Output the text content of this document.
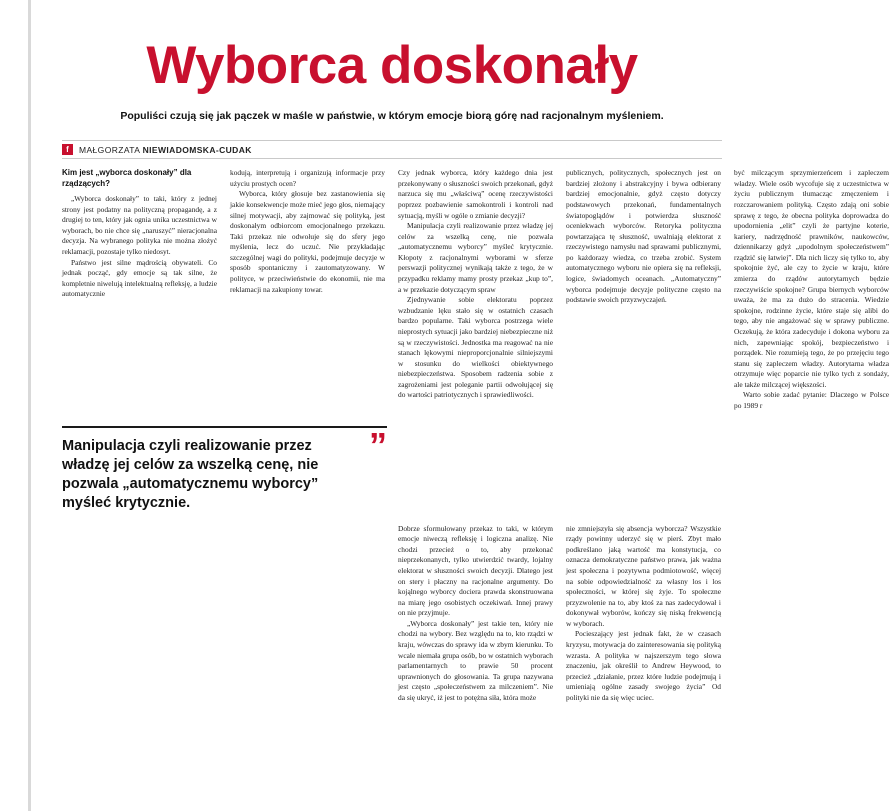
Wyborca doskonały
Populiści czują się jak pączek w maśle w państwie, w którym emocje biorą górę nad racjonalnym myśleniem.
f	MAŁGORZATA NIEWIADOMSKA-CUDAK
Kim jest „wyborca doskonały” dla rządzących?

„Wyborca doskonały” to taki, który z jednej strony jest podatny na polityczną propagandę, a z drugiej to ten, który jak ognia unika uczestnictwa w wyborach, bo nie chce się „naruszyć” nieracjonalna decyzja. Na wybranego polityka nie można złożyć reklamacji, pozostaje tylko niedosyt.

Państwo jest silne mądrością obywateli. Co jednak począć, gdy emocje są tak silne, że kompletnie niwelują intelektualną refleksję, a ludzie automatycznie

kodują, interpretują i organizują informacje przy użyciu prostych ocen?

Wyborca, który głosuje bez zastanowienia się jakie konsekwencje może mieć jego głos, niemający silnej motywacji, aby zajmować się polityką, jest doskonałym odbiorcom emocjonalnego przekazu. Taki przekaz nie odwołuje się do sfery jego myślenia, lecz do uczuć. Nie przykładając szczególnej wagi do polityki, podejmuje decyzje w sposób spontaniczny i zautomatyzowany. W polityce, w przeciwieństwie do ekonomii, nie ma reklamacji na zakupiony towar.

Czy jednak wyborca, który każdego dnia jest przekonywany o słuszności swoich przekonań, gdyż narzuca się mu „właściwą” ocenę rzeczywistości poprzez pozbawienie samokontroli i kontroli nad sytuacją, myśli w ogóle o zmianie decyzji?

Manipulacja czyli realizowanie przez władzę jej celów za wszelką cenę, nie pozwala „automatycznemu wyborcy” myśleć krytycznie. Kłopoty z racjonalnymi wyborami w sferze perswazji politycznej wynikają także z tego, że w przypadku reklamy mamy prosty przekaz „kup to”, a w przekazie dotyczącym spraw

Zjednywanie sobie elektoratu poprzez wzbudzanie lęku stało się w ostatnich czasach bardzo popularne. Taki wyborca postrzega wiele nieprostych sytuacji jako bardziej niebezpieczne niż są w rzeczywistości. Jednostka ma reagować na nie stanach lękowymi nieproporcjonalnie silniejszymi w stosunku do wielkości obiektywnego niebezpieczeństwa. Sposobem radzenia sobie z zagrożeniami jest poleganie partii odwołującej się do wartości patriotycznych i sprawiedliwości.

publicznych, politycznych, społecznych jest on bardziej złożony i abstrakcyjny i bywa odbierany bardziej emocjonalnie, gdyż często dotyczy podstawowych przekonań, fundamentalnych światopoglądów i potwierdza słuszność oceniekwach wyborców. Retoryka polityczna powtarzająca tę słuszność, uwalniają elektorat z rzeczywistego namysłu nad sprawami publicznymi, po każdorazy wiedza, co trzeba zrobić. System automatycznego wyboru nie opiera się na refleksji, logice, świadomych oceanach. „Automatyczny” wyborca podejmuje decyzje polityczne często na podstawie swoich przyzwyczajeń.

być milczącym sprzymierzeńcem i zapleczem władzy. Wiele osób wycofuje się z uczestnictwa w życiu publicznym tłumacząc zmęczeniem i rozczarowaniem polityką. Często zdają oni sobie sprawę z tego, że obecna polityka doprowadza do upodornienia „elit” czyli że partyjne koterie, kariery, nadrzędność prawników, naukowców, dziennikarzy gdyż „upodolnym społeczeństwem” rządzić się łatwiej”. Dla nich liczy się tylko to, aby spokojnie żyć, ale czy to życie w kraju, które zmierza do rządów autorytarnych będzie rzeczywiście spokojne? Grupa biernych wyborców uważa, że ma za dużo do stracenia. Wiedzie spokojne, rodzinne życie, które staje się alibi do tego, aby nie angażować się w sprawy publiczne. Oczekują, że która zadecyduje i dokona wyboru za nich, zapewniając spokój, bezpieczeństwo i porządek. Nie rozumieją tego, że po przejęciu tego stanu się zapleczem władzy. Autorytarna władza otrzymuje więc poparcie nie tylko tych z sondaży, ale także milczącej większości.

Warto sobie zadać pytanie: Dlaczego w Polsce po 1989 r

”

Manipulacja czyli realizowanie przez władzę jej celów za wszelką cenę, nie pozwala „automatycznemu wyborcy” myśleć krytycznie.

Dobrze sformułowany przekaz to taki, w którym emocje niweczą refleksję i logiczna analizę. Nie chodzi przecież o to, aby przekonać nieprzekonanych, tylko utwierdzić twardy, lojalny elektorat w słuszności swoich decyzji. Dlatego jest on stery i płaczny na racjonalne argumenty. Do kojąlnego wyborcy dociera prawda skonstruowana na miarę jego osobistych oczekiwań. Innej prawy on nie przyjmuje.

„Wyborca doskonały” jest takie ten, który nie chodzi na wybory. Bez względu na to, kto rządzi w kraju, wówczas do sprawy ida w zbym kierunku. To wcale niemała grupa osób, bo w ostatnich wyborach parlamentarnych to prawie 50 procent uprawnionych do głosowania. Ta grupa nazywana jest często „społeczeństwem za milczeniem”. Nie da się ukryć, iż jest to potężna siła, która może

nie zmniejszyła się absencja wyborcza? Wszystkie rządy powinny uderzyć się w pierś. Zbyt mało podkreślano jaką wartość ma konstytucja, co oznacza demokratyczne państwo prawa, jak ważna jest społeczna i pozytywna podmiotowość, więcej na sobie odpowiedzialność za własny los i los społeczności, w której się żyje. To społeczne przyzwolenie na to, aby ktoś za nas zadecydował i dokonywał wyborów, kończy się niską frekwencją w wyborach.

Pocieszający jest jednak fakt, że w czasach kryzysu, motywacja do zainteresowania się polityką wzrasta. A polityka w najszerszym tego słowa znaczeniu, jak określił to Andrew Heywood, to przecież „działanie, przez które ludzie podejmują i umieniają ogólne zasady swojego życia” Od polityki nie da się więc uciec.
